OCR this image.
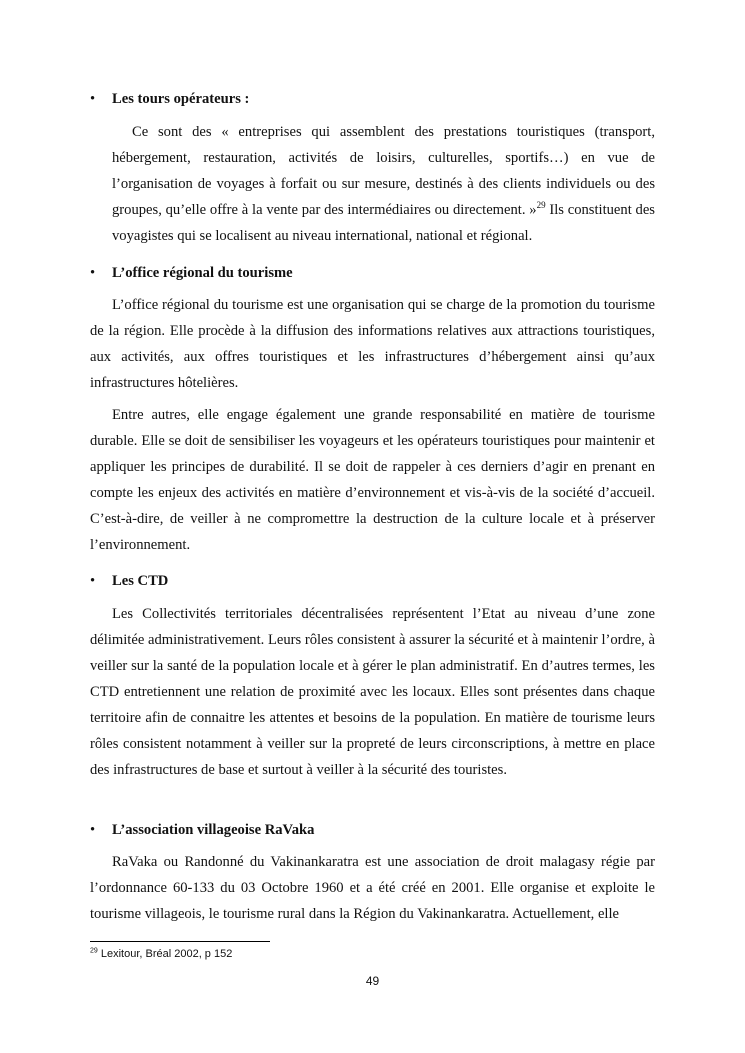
• Les tours opérateurs :

Ce sont des « entreprises qui assemblent des prestations touristiques (transport, hébergement, restauration, activités de loisirs, culturelles, sportifs…) en vue de l’organisation de voyages à forfait ou sur mesure, destinés à des clients individuels ou des groupes, qu’elle offre à la vente par des intermédiaires ou directement. »$^{29}$ Ils constituent des voyagistes qui se localisent au niveau international, national et régional.

• L’office régional du tourisme

L’office régional du tourisme est une organisation qui se charge de la promotion du tourisme de la région. Elle procède à la diffusion des informations relatives aux attractions touristiques, aux activités, aux offres touristiques et les infrastructures d’hébergement ainsi qu’aux infrastructures hôtelières.

Entre autres, elle engage également une grande responsabilité en matière de tourisme durable. Elle se doit de sensibiliser les voyageurs et les opérateurs touristiques pour maintenir et appliquer les principes de durabilité. Il se doit de rappeler à ces derniers d’agir en prenant en compte les enjeux des activités en matière d’environnement et vis-à-vis de la société d’accueil. C’est-à-dire, de veiller à ne compromettre la destruction de la culture locale et à préserver l’environnement.

• Les CTD

Les Collectivités territoriales décentralisées représentent l’Etat au niveau d’une zone délimitée administrativement. Leurs rôles consistent à assurer la sécurité et à maintenir l’ordre, à veiller sur la santé de la population locale et à gérer le plan administratif. En d’autres termes, les CTD entretiennent une relation de proximité avec les locaux. Elles sont présentes dans chaque territoire afin de connaitre les attentes et besoins de la population. En matière de tourisme leurs rôles consistent notamment à veiller sur la propreté de leurs circonscriptions, à mettre en place des infrastructures de base et surtout à veiller à la sécurité des touristes.

• L’association villageoise RaVaka

RaVaka ou Randonné du Vakinankaratra est une association de droit malagasy régie par l’ordonnance 60-133 du 03 Octobre 1960 et a été créé en 2001. Elle organise et exploite le tourisme villageois, le tourisme rural dans la Région du Vakinankaratra. Actuellement, elle

$^{29}$ Lexitour, Bréal 2002, p 152
49
